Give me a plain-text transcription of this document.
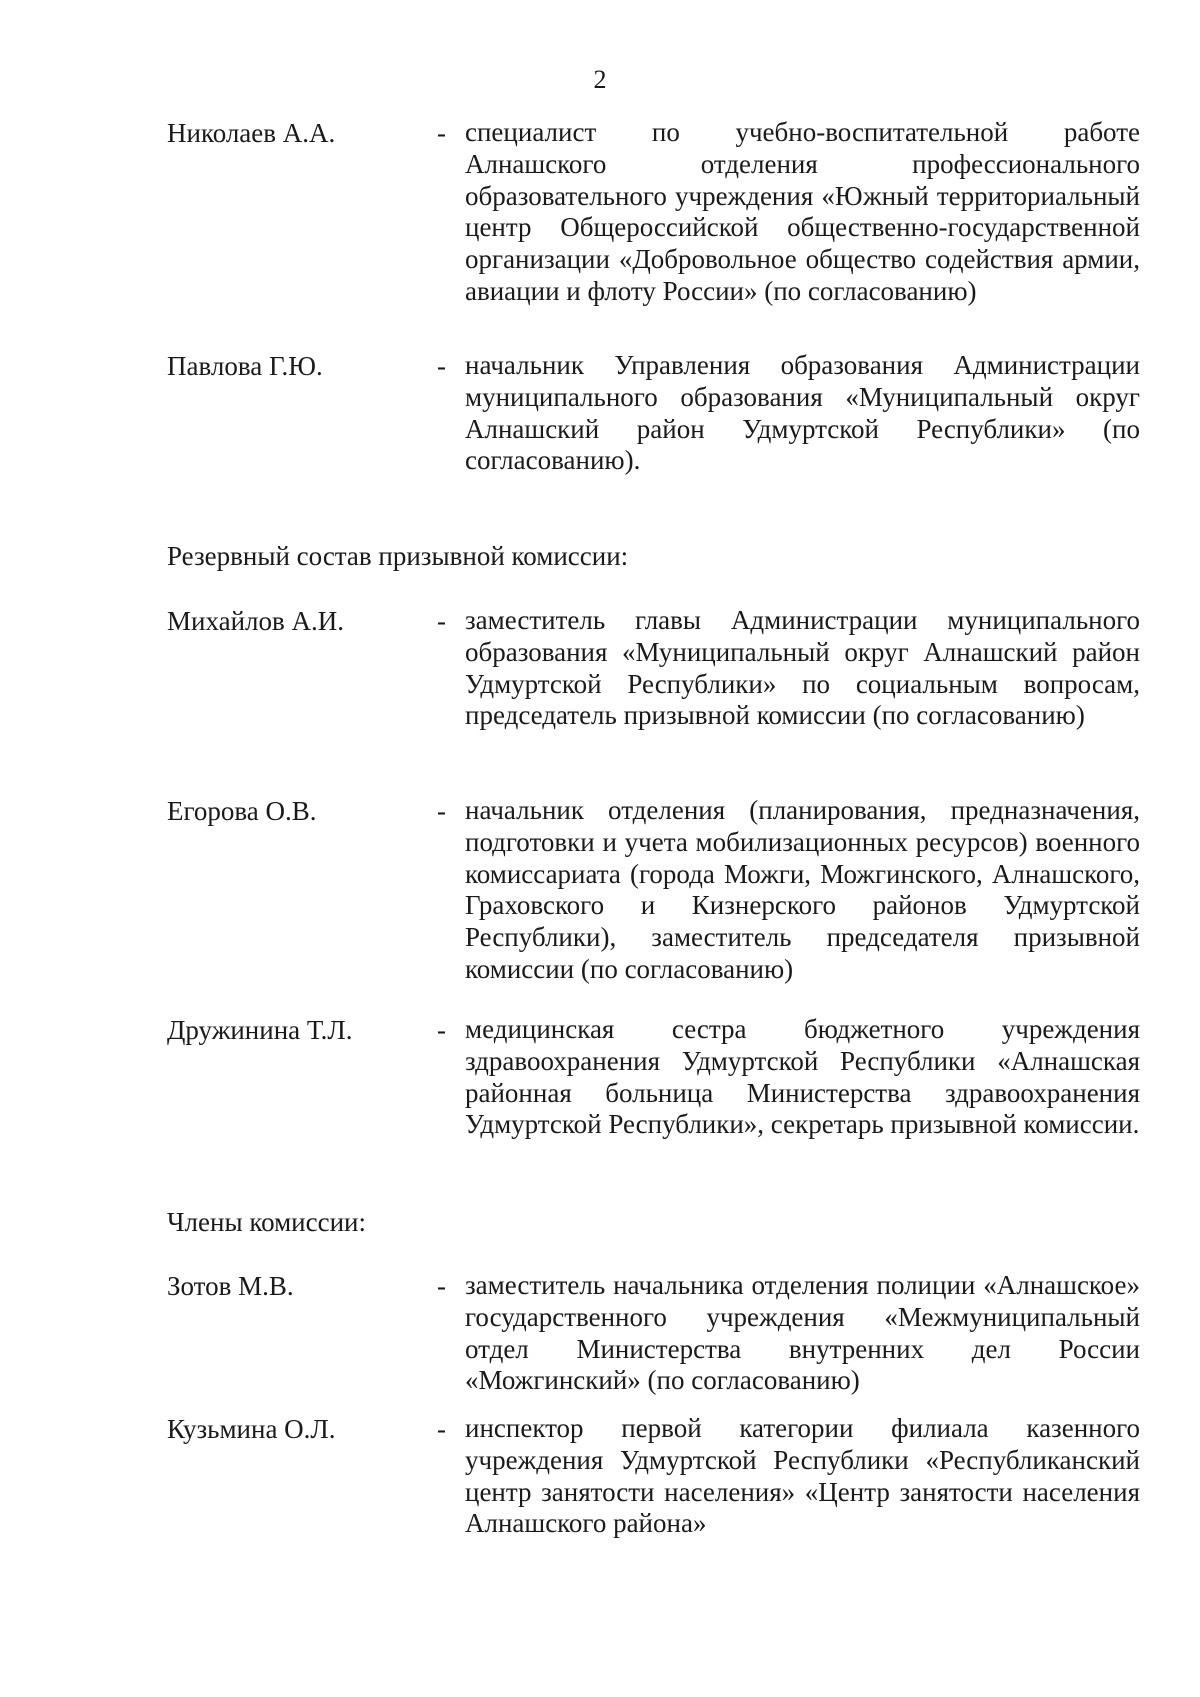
2
Николаев А.А.	- специалист по учебно-воспитательной работе Алнашского отделения профессионального образовательного учреждения «Южный территориальный центр Общероссийской общественно-государственной организации «Добровольное общество содействия армии, авиации и флоту России» (по согласованию)
Павлова Г.Ю.	- начальник Управления образования Администрации муниципального образования «Муниципальный округ Алнашский район Удмуртской Республики» (по согласованию).
Резервный состав призывной комиссии:
Михайлов А.И.	- заместитель главы Администрации муниципального образования «Муниципальный округ Алнашский район Удмуртской Республики» по социальным вопросам, председатель призывной комиссии (по согласованию)
Егорова О.В.	- начальник отделения (планирования, предназначения, подготовки и учета мобилизационных ресурсов) военного комиссариата (города Можги, Можгинского, Алнашского, Граховского и Кизнерского районов Удмуртской Республики), заместитель председателя призывной комиссии (по согласованию)
Дружинина Т.Л.	- медицинская сестра бюджетного учреждения здравоохранения Удмуртской Республики «Алнашская районная больница Министерства здравоохранения Удмуртской Республики», секретарь призывной комиссии.
Члены комиссии:
Зотов М.В.	- заместитель начальника отделения полиции «Алнашское» государственного учреждения «Межмуниципальный отдел Министерства внутренних дел России «Можгинский» (по согласованию)
Кузьмина О.Л.	- инспектор первой категории филиала казенного учреждения Удмуртской Республики «Республиканский центр занятости населения» «Центр занятости населения Алнашского района»
